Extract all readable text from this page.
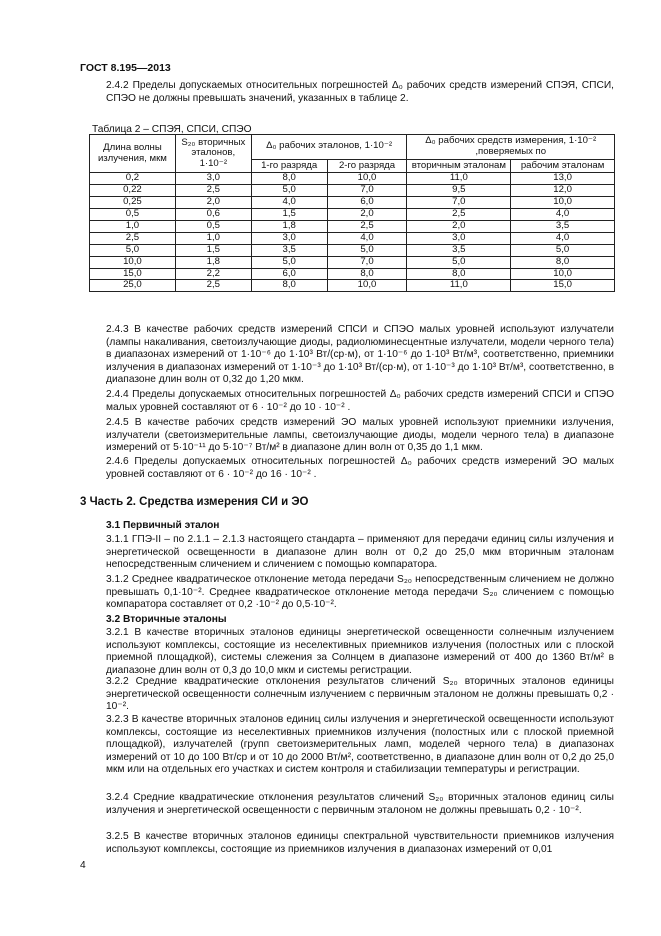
ГОСТ 8.195—2013
2.4.2 Пределы допускаемых относительных погрешностей Δ₀ рабочих средств измерений СПЭЯ, СПСИ, СПЭО не должны превышать значений, указанных в таблице 2.
Таблица 2 – СПЭЯ, СПСИ, СПЭО
Длина волны излучения, мкм	S₂₀ вторичных эталонов, 1·10⁻²	Δ₀ рабочих эталонов, 1·10⁻²		Δ₀ рабочих средств измерения, 1·10⁻² ,поверяемых по	
		1-го разряда	2-го разряда	вторичным эталонам	рабочим эталонам
0,2	3,0	8,0	10,0	11,0	13,0
0,22	2,5	5,0	7,0	9,5	12,0
0,25	2,0	4,0	6,0	7,0	10,0
0,5	0,6	1,5	2,0	2,5	4,0
1,0	0,5	1,8	2,5	2,0	3,5
2,5	1,0	3,0	4,0	3,0	4,0
5,0	1,5	3,5	5,0	3,5	5,0
10,0	1,8	5,0	7,0	5,0	8,0
15,0	2,2	6,0	8,0	8,0	10,0
25,0	2,5	8,0	10,0	11,0	15,0
2.4.3 В качестве рабочих средств измерений СПСИ и СПЭО малых уровней используют излучатели (лампы накаливания, светоизлучающие диоды, радиолюминесцентные излучатели, модели черного тела) в диапазонах измерений от 1·10⁻⁶ до 1·10³ Вт/(ср·м), от 1·10⁻⁶ до 1·10³ Вт/м³, соответственно, приемники излучения в диапазонах измерений от 1·10⁻³ до 1·10³ Вт/(ср·м), от 1·10⁻³ до 1·10³ Вт/м³, соответственно, в диапазоне длин волн от 0,32 до 1,20 мкм.
2.4.4 Пределы допускаемых относительных погрешностей Δ₀ рабочих средств измерений СПСИ и СПЭО малых уровней составляют от 6 · 10⁻² до 10 · 10⁻² .
2.4.5 В качестве рабочих средств измерений ЭО малых уровней используют приемники излучения, излучатели (светоизмерительные лампы, светоизлучающие диоды, модели черного тела) в диапазоне измерений от 5·10⁻¹¹ до 5·10⁻⁷ Вт/м² в диапазоне длин волн от 0,35 до 1,1 мкм.
2.4.6 Пределы допускаемых относительных погрешностей Δ₀ рабочих средств измерений ЭО малых уровней составляют от 6 · 10⁻² до 16 · 10⁻² .
3 Часть 2. Средства измерения СИ и ЭО
3.1 Первичный эталон
3.1.1 ГПЭ-II – по 2.1.1 – 2.1.3 настоящего стандарта – применяют для передачи единиц силы излучения и энергетической освещенности в диапазоне длин волн от 0,2 до 25,0 мкм вторичным эталонам непосредственным сличением и сличением с помощью компаратора.
3.1.2 Среднее квадратическое отклонение метода передачи S₂₀ непосредственным сличением не должно превышать 0,1·10⁻². Среднее квадратическое отклонение метода передачи S₂₀ сличением с помощью компаратора составляет от 0,2 ·10⁻² до 0,5·10⁻².
3.2 Вторичные эталоны
3.2.1 В качестве вторичных эталонов единицы энергетической освещенности солнечным излучением используют комплексы, состоящие из неселективных приемников излучения (полостных или с плоской приемной площадкой), системы слежения за Солнцем в диапазоне измерений от 400 до 1360 Вт/м² в диапазоне длин волн от 0,3 до 10,0 мкм и системы регистрации.
3.2.2 Средние квадратические отклонения результатов сличений S₂₀ вторичных эталонов единицы энергетической освещенности солнечным излучением с первичным эталоном не должны превышать 0,2 · 10⁻².
3.2.3 В качестве вторичных эталонов единиц силы излучения и энергетической освещенности используют комплексы, состоящие из неселективных приемников излучения (полостных или с плоской приемной площадкой), излучателей (групп светоизмерительных ламп, моделей черного тела) в диапазонах измерений от 10 до 100 Вт/ср и от 10 до 2000 Вт/м², соответственно, в диапазоне длин волн от 0,2 до 25,0 мкм или на отдельных его участках и систем контроля и стабилизации температуры и регистрации.
3.2.4 Средние квадратические отклонения результатов сличений S₂₀ вторичных эталонов единиц силы излучения и энергетической освещенности с первичным эталоном не должны превышать 0,2 · 10⁻².
3.2.5 В качестве вторичных эталонов единицы спектральной чувствительности приемников излучения используют комплексы, состоящие из приемников излучения в диапазонах измерений от 0,01
4
